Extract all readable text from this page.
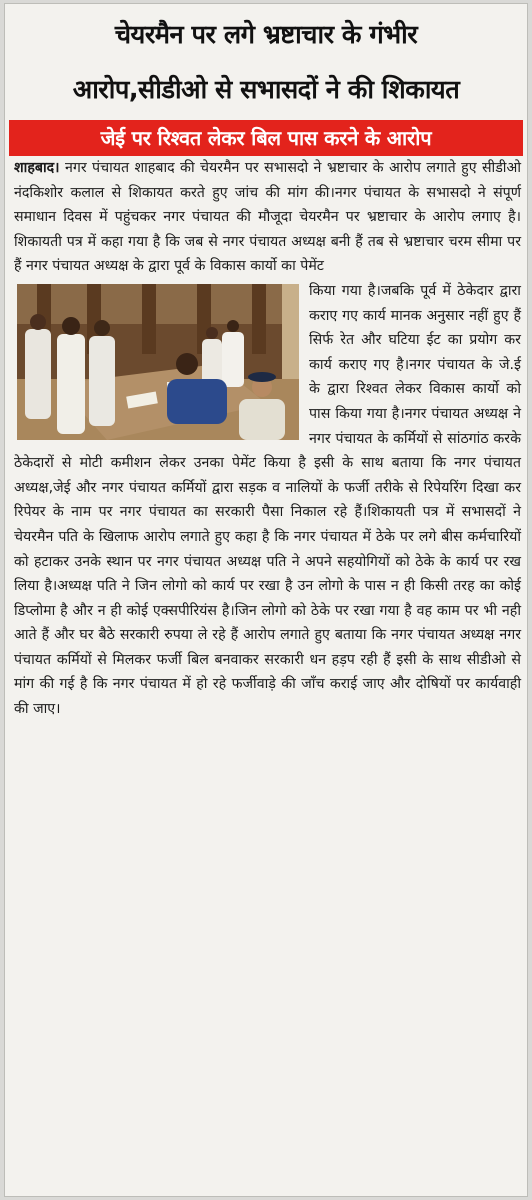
चेयरमैन पर लगे भ्रष्टाचार के गंभीर
आरोप,सीडीओ से सभासदों ने की शिकायत
जेई पर रिश्वत लेकर बिल पास करने के आरोप

शाहबाद। नगर पंचायत शाहबाद की चेयरमैन पर सभासदो ने भ्रष्टाचार के आरोप लगाते हुए सीडीओ नंदकिशोर कलाल से शिकायत करते हुए जांच की मांग की।नगर पंचायत के सभासदो ने संपूर्ण समाधान दिवस में पहुंचकर नगर पंचायत की मौजूदा चेयरमैन पर भ्रष्टाचार के आरोप लगाए है।शिकायती पत्र में कहा गया है कि जब से नगर पंचायत अध्यक्ष बनी हैं तब से भ्रष्टाचार चरम सीमा पर हैं नगर पंचायत अध्यक्ष के द्वारा पूर्व के विकास कार्यो का पेमेंट

किया गया है।जबकि पूर्व में ठेकेदार द्वारा कराए गए कार्य मानक अनुसार नहीं हुए हैं सिर्फ रेत और घटिया ईट का प्रयोग कर कार्य कराए गए है।नगर पंचायत के जे.ई के द्वारा रिश्वत लेकर विकास कार्यो को पास किया गया है।नगर पंचायत अध्यक्ष ने नगर पंचायत के कर्मियों से सांठगांठ करके ठेकेदारों से मोटी कमीशन लेकर उनका पेमेंट किया है इसी के साथ बताया कि नगर पंचायत अध्यक्ष,जेई और नगर पंचायत कर्मियों द्वारा सड़क व नालियों के फर्जी तरीके से रिपेयरिंग दिखा कर रिपेयर के नाम पर नगर पंचायत का सरकारी पैसा निकाल रहे हैं।शिकायती पत्र में सभासदों ने चेयरमैन पति के खिलाफ आरोप लगाते हुए कहा है कि नगर पंचायत में ठेके पर लगे बीस कर्मचारियों को हटाकर उनके स्थान पर नगर पंचायत अध्यक्ष पति ने अपने सहयोगियों को ठेके के कार्य पर रख लिया है।अध्यक्ष पति ने जिन लोगो को कार्य पर रखा है उन लोगो के पास न ही किसी तरह का कोई डिप्लोमा है और न ही कोई एक्सपीरियंस है।जिन लोगो को ठेके पर रखा गया है वह काम पर भी नही आते हैं और घर बैठे सरकारी रुपया ले रहे हैं आरोप लगाते हुए बताया कि नगर पंचायत अध्यक्ष नगर पंचायत कर्मियों से मिलकर फर्जी बिल बनवाकर सरकारी धन हड़प रही हैं इसी के साथ सीडीओ से मांग की गई है कि नगर पंचायत में हो रहे फर्जीवाड़े की जाँच कराई जाए और दोषियों पर कार्यवाही की जाए।
